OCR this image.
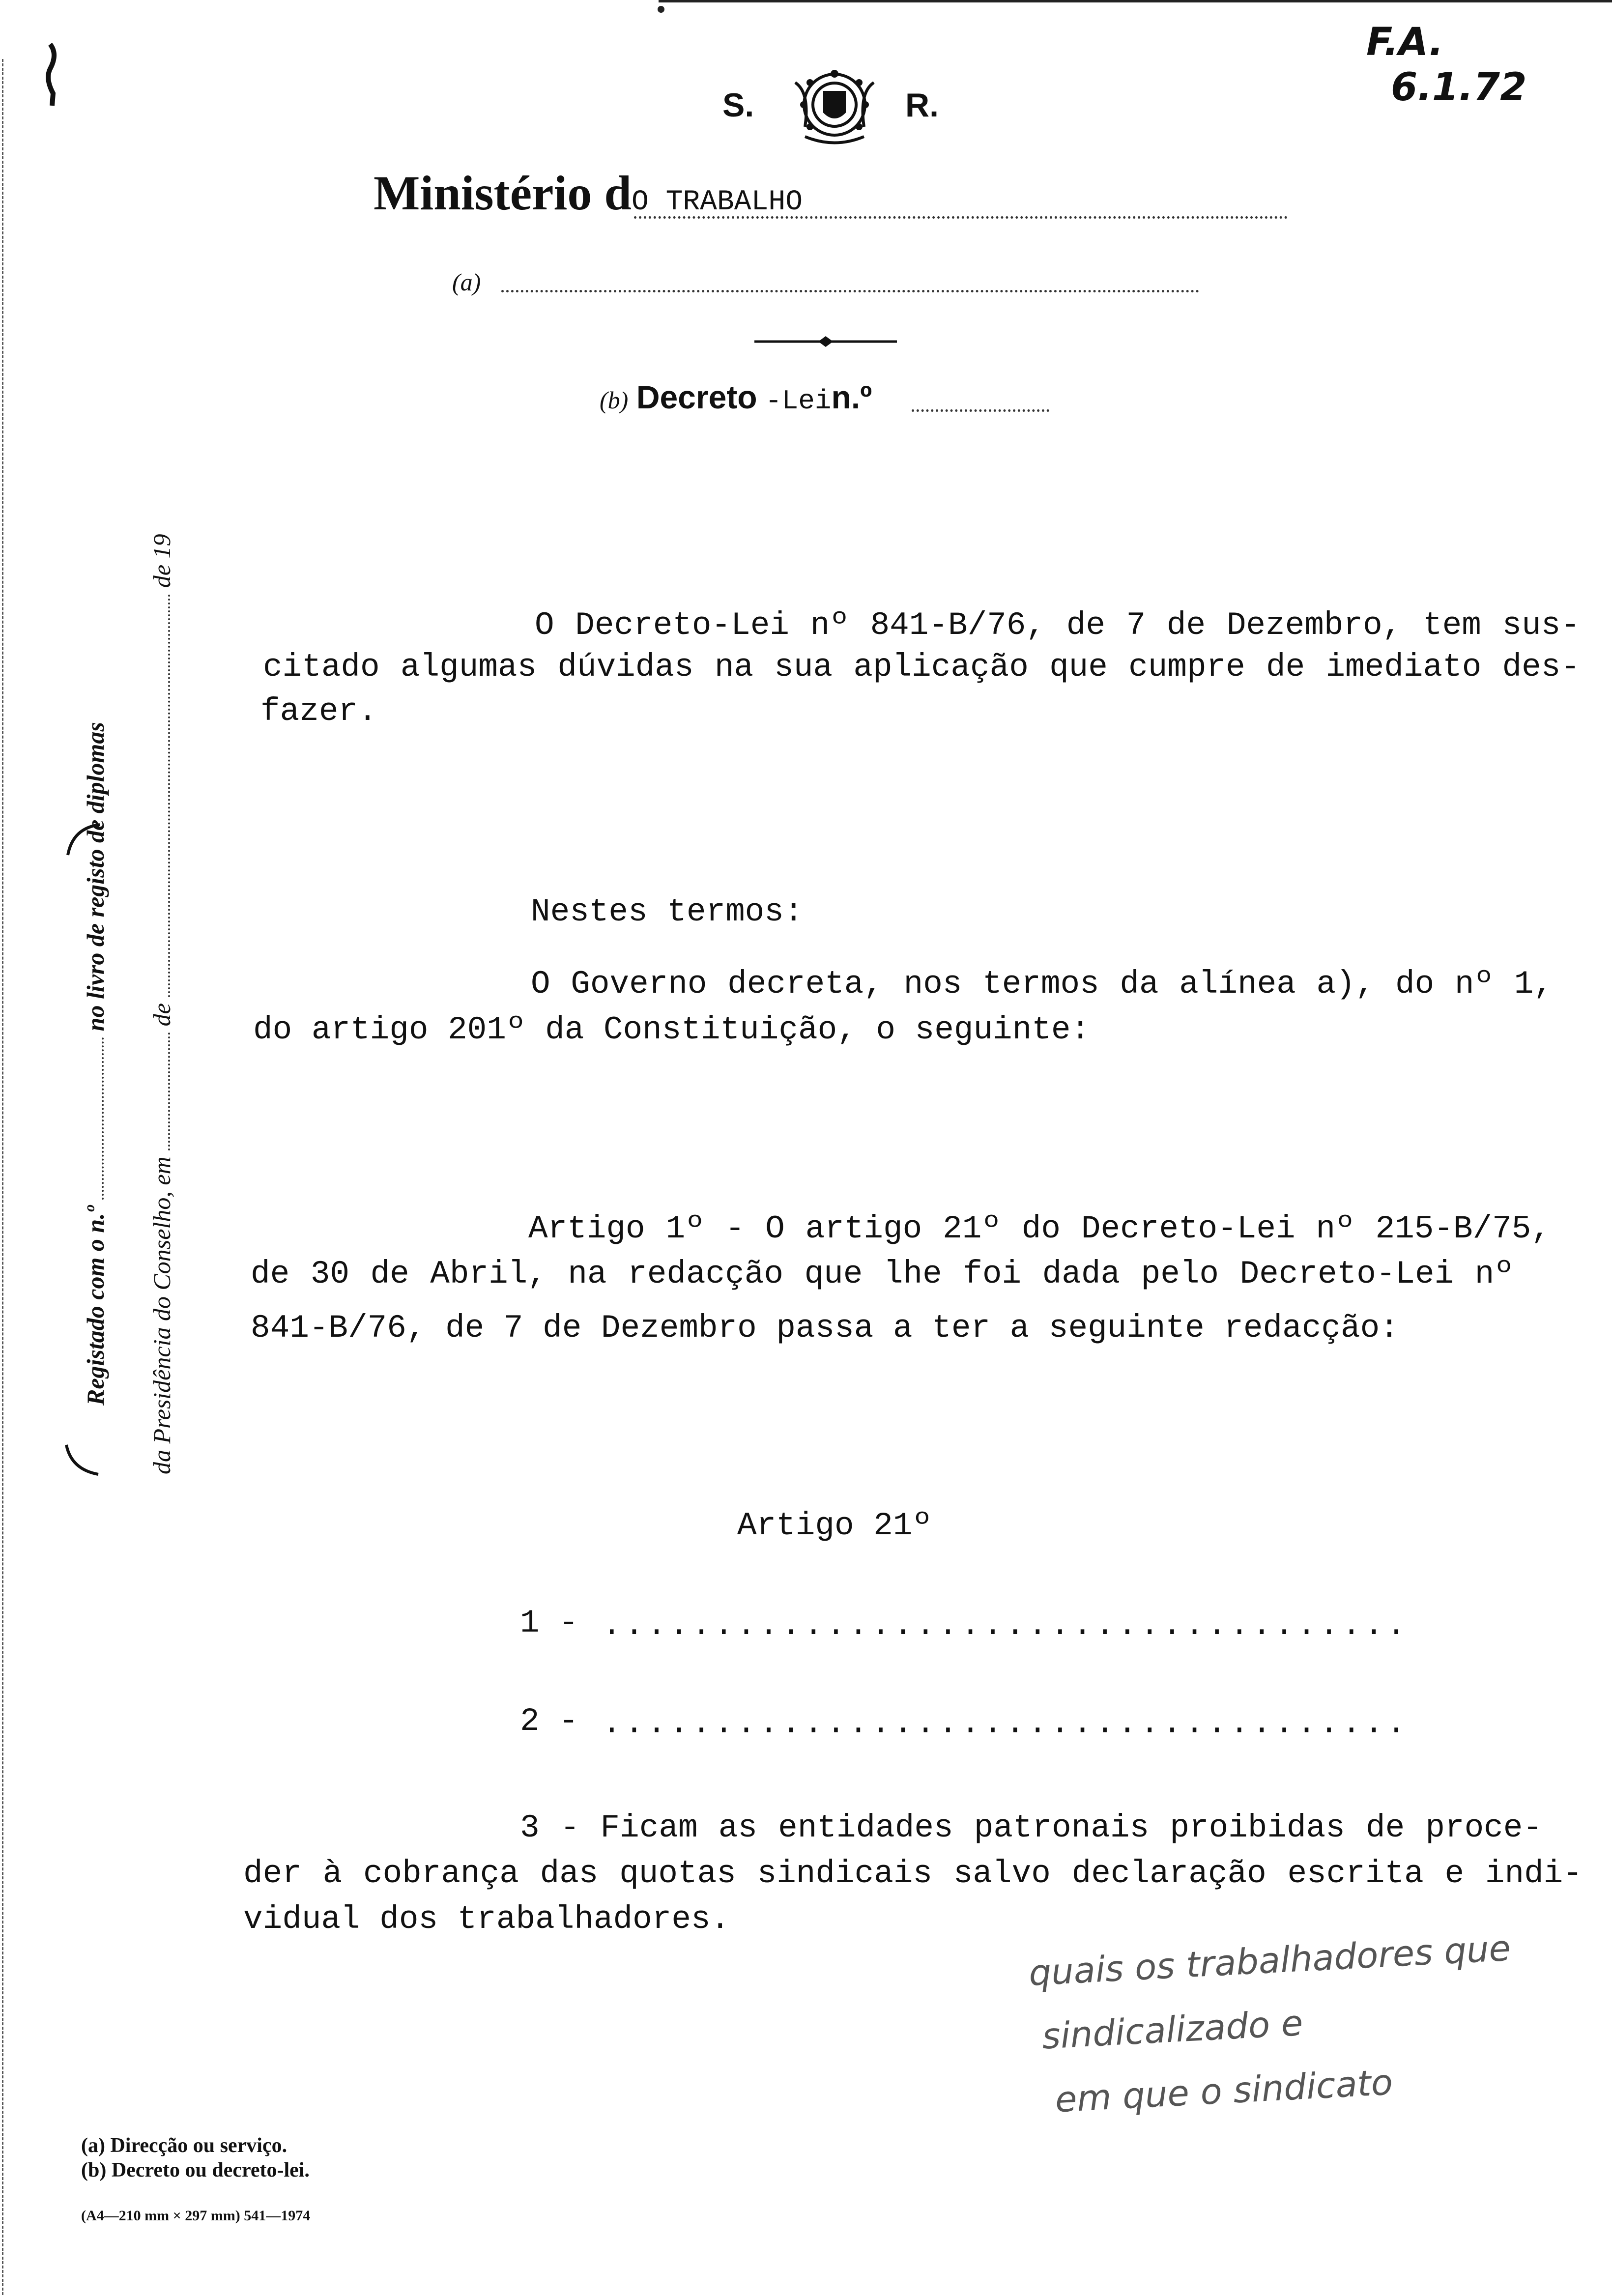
S.	R.
F.A.
6.1.72
Ministério dO TRABALHO
(a)
(b) Decreto -Lein.º
Registado com o n.º  no livro de registo de diplomas
da Presidência do Conselho, em  de  de 19
O Decreto-Lei nº 841-B/76, de 7 de Dezembro, tem sus-
citado algumas dúvidas na sua aplicação que cumpre de imediato des-
fazer.
Nestes termos:
O Governo decreta, nos termos da alínea a), do nº 1,
do artigo 201º da Constituição, o seguinte:
Artigo 1º - O artigo 21º do Decreto-Lei nº 215-B/75,
de 30 de Abril, na redacção que lhe foi dada pelo Decreto-Lei nº
841-B/76, de 7 de Dezembro passa a ter a seguinte redacção:
Artigo 21º
1 - ....................................
2 - ....................................
3 - Ficam as entidades patronais proibidas de proce-
der à cobrança das quotas sindicais salvo declaração escrita e indi-
vidual dos trabalhadores.
quais os trabalhadores que
sindicalizado e
em que o sindicato
(a) Direcção ou serviço.
(b) Decreto ou decreto-lei.
(A4—210 mm × 297 mm) 541—1974
